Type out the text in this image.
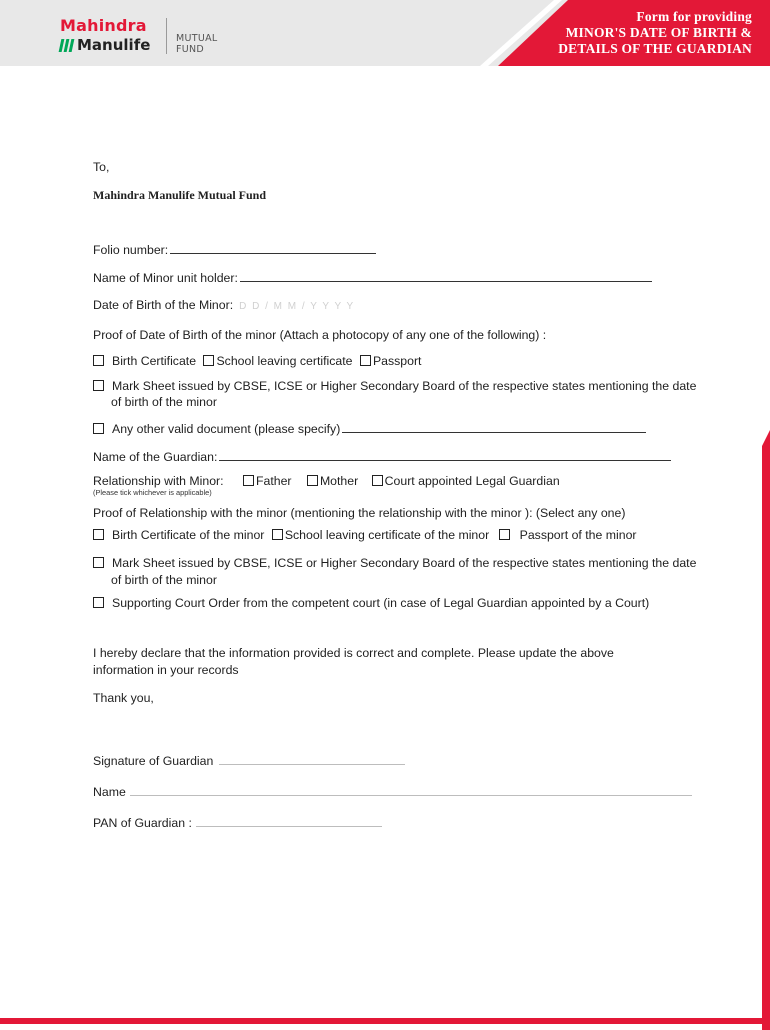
Mahindra
Manulife	MUTUAL
FUND
Form for providing
MINOR'S DATE OF BIRTH &
DETAILS OF THE GUARDIAN
To,
Mahindra Manulife Mutual Fund
Folio number:
Name of Minor unit holder:
Date of Birth of the Minor: D D / M M / Y Y Y Y
Proof of Date of Birth of the minor (Attach a photocopy of any one of the following) :
Birth Certificate School leaving certificate Passport
Mark Sheet issued by CBSE, ICSE or Higher Secondary Board of the respective states mentioning the date
of birth of the minor
Any other valid document (please specify)
Name of the Guardian:
Relationship with Minor:	Father Mother Court appointed Legal Guardian
(Please tick whichever is applicable)
Proof of Relationship with the minor (mentioning the relationship with the minor ): (Select any one)
Birth Certificate of the minor School leaving certificate of the minor Passport of the minor
Mark Sheet issued by CBSE, ICSE or Higher Secondary Board of the respective states mentioning the date
of birth of the minor
Supporting Court Order from the competent court (in case of Legal Guardian appointed by a Court)
I hereby declare that the information provided is correct and complete. Please update the above
information in your records
Thank you,
Signature of Guardian
Name
PAN of Guardian :
